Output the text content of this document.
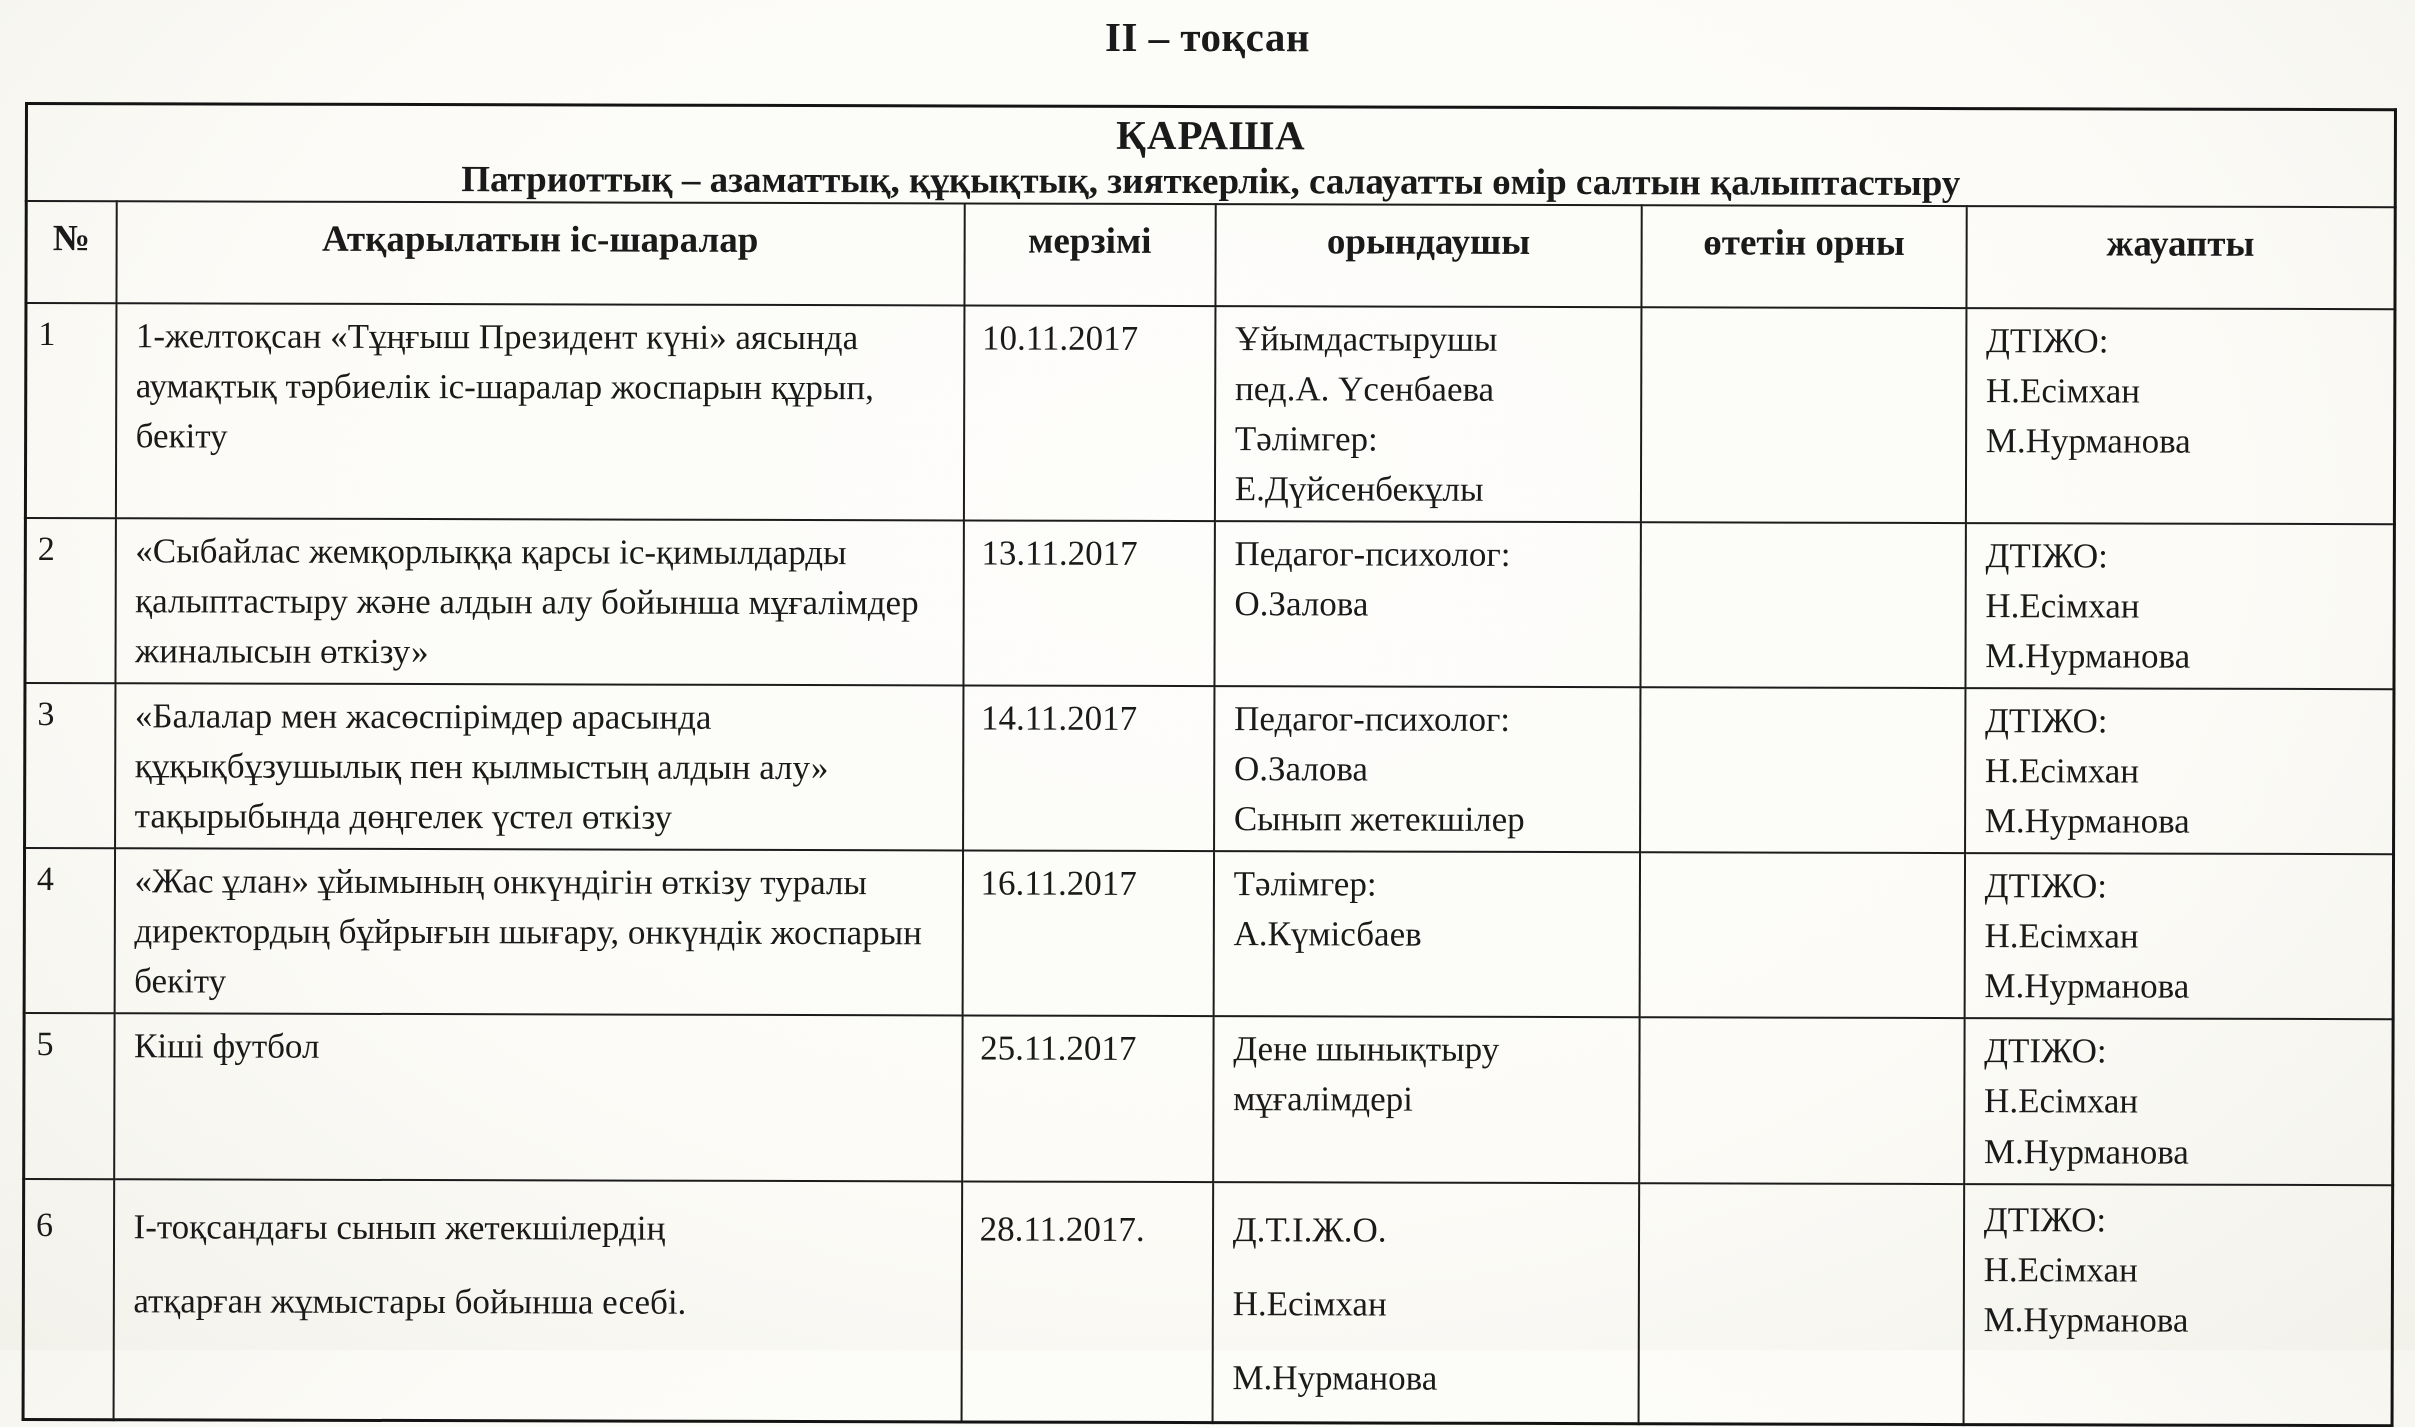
ІІ – тоқсан
ҚАРАША
Патриоттық – азаматтық, құқықтық, зияткерлік, салауатты өмір салтын қалыптастыру					

№	Атқарылатын іс-шаралар	мерзімі	орындаушы	өтетін орны	жауапты
1	1-желтоқсан «Тұңғыш Президент күні» аясында аумақтық тәрбиелік іс-шаралар жоспарын құрып, бекіту	10.11.2017	Ұйымдастырушы
пед.А. Үсенбаева
Тәлімгер:
Е.Дүйсенбекұлы		ДТІЖО:
Н.Есімхан
М.Нурманова
2	«Сыбайлас жемқорлыққа қарсы іс-қимылдарды қалыптастыру және алдын алу бойынша мұғалімдер жиналысын өткізу»	13.11.2017	Педагог-психолог:
О.Залова		ДТІЖО:
Н.Есімхан
М.Нурманова
3	«Балалар мен жасөспірімдер арасында құқықбұзушылық пен қылмыстың алдын алу» тақырыбында дөңгелек үстел өткізу	14.11.2017	Педагог-психолог:
О.Залова
Сынып жетекшілер		ДТІЖО:
Н.Есімхан
М.Нурманова
4	«Жас ұлан» ұйымының онкүндігін өткізу туралы директордың бұйрығын шығару, онкүндік жоспарын бекіту	16.11.2017	Тәлімгер:
А.Күмісбаев		ДТІЖО:
Н.Есімхан
М.Нурманова
5	Кіші футбол	25.11.2017	Дене шынықтыру
мұғалімдері		ДТІЖО:
Н.Есімхан
М.Нурманова
6	І-тоқсандағы сынып жетекшілердің
атқарған жұмыстары бойынша есебі.	28.11.2017.	Д.Т.І.Ж.О.
Н.Есімхан
М.Нурманова		ДТІЖО:
Н.Есімхан
М.Нурманова
